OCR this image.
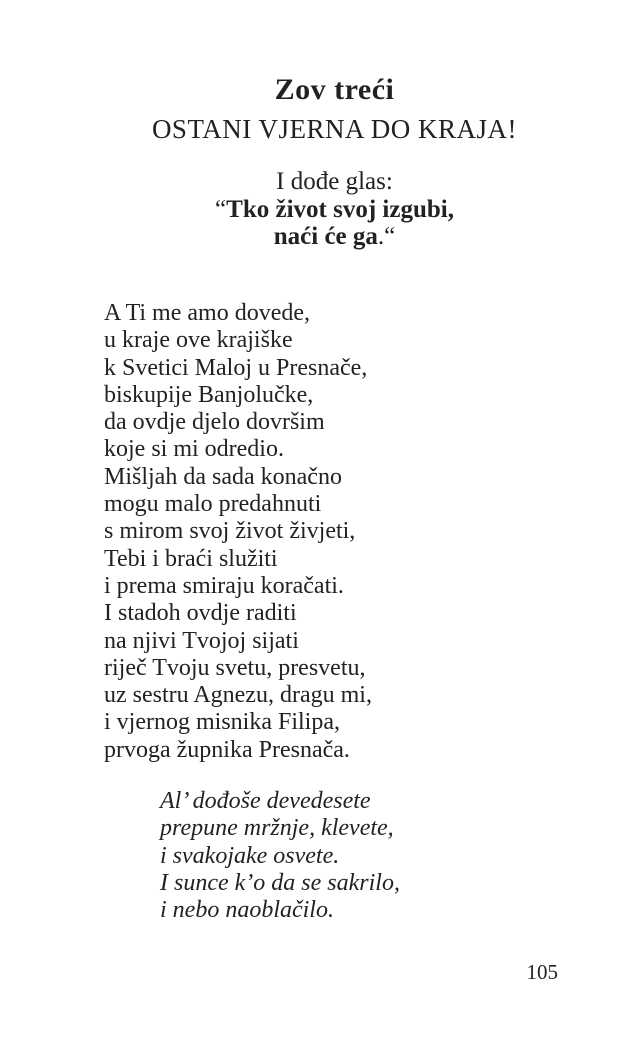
Zov treći
OSTANI VJERNA DO KRAJA!
I dođe glas:
“Tko život svoj izgubi,
naći će ga.“
A Ti me amo dovede,
u kraje ove krajiške
k Svetici Maloj u Presnače,
biskupije Banjolučke,
da ovdje djelo dovršim
koje si mi odredio.
Mišljah da sada konačno
mogu malo predahnuti
s mirom svoj život živjeti,
Tebi i braći služiti
i prema smiraju koračati.
I stadoh ovdje raditi
na njivi Tvojoj sijati
riječ Tvoju svetu, presvetu,
uz sestru Agnezu, dragu mi,
i vjernog misnika Filipa,
prvoga župnika Presnača.
Al’ dođoše devedesete
prepune mržnje, klevete,
i svakojake osvete.
I sunce k’o da se sakrilo,
i nebo naoblačilo.
105
